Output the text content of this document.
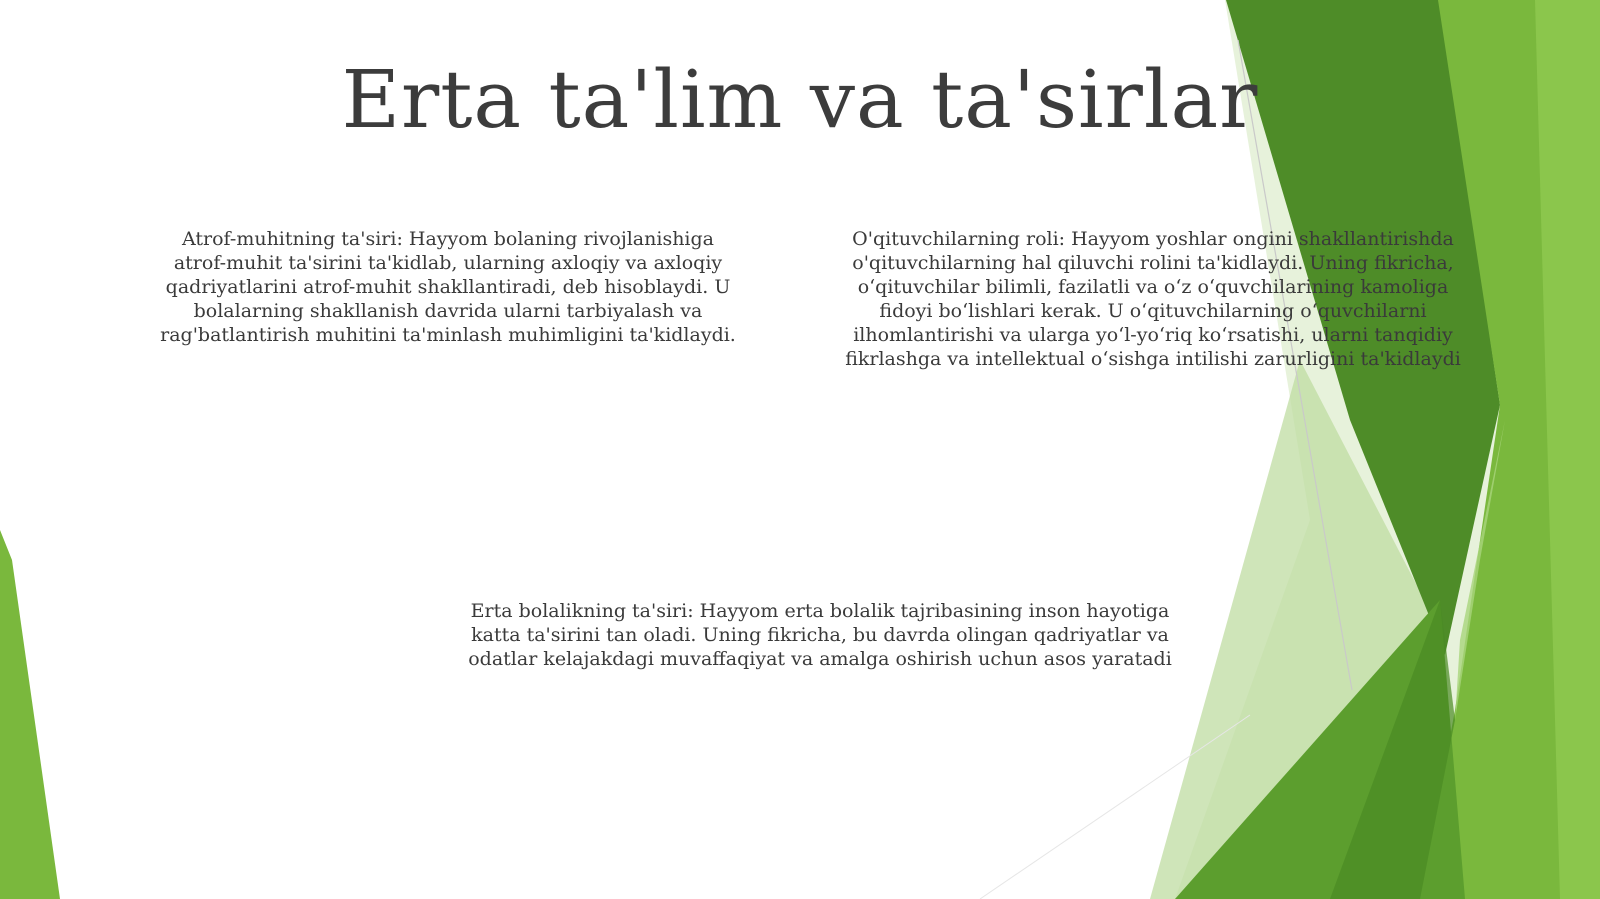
Erta ta'lim va ta'sirlar

Atrof-muhitning ta'siri: Hayyom bolaning rivojlanishiga
atrof-muhit ta'sirini ta'kidlab, ularning axloqiy va axloqiy
qadriyatlarini atrof-muhit shakllantiradi, deb hisoblaydi. U
bolalarning shakllanish davrida ularni tarbiyalash va
rag'batlantirish muhitini ta'minlash muhimligini ta'kidlaydi.

O'qituvchilarning roli: Hayyom yoshlar ongini shakllantirishda
o'qituvchilarning hal qiluvchi rolini ta'kidlaydi. Uning fikricha,
o‘qituvchilar bilimli, fazilatli va o‘z o‘quvchilarining kamoliga
fidoyi bo‘lishlari kerak. U o‘qituvchilarning o‘quvchilarni
ilhomlantirishi va ularga yo‘l-yo‘riq ko‘rsatishi, ularni tanqidiy
fikrlashga va intellektual o‘sishga intilishi zarurligini ta'kidlaydi

Erta bolalikning ta'siri: Hayyom erta bolalik tajribasining inson hayotiga
katta ta'sirini tan oladi. Uning fikricha, bu davrda olingan qadriyatlar va
odatlar kelajakdagi muvaffaqiyat va amalga oshirish uchun asos yaratadi
